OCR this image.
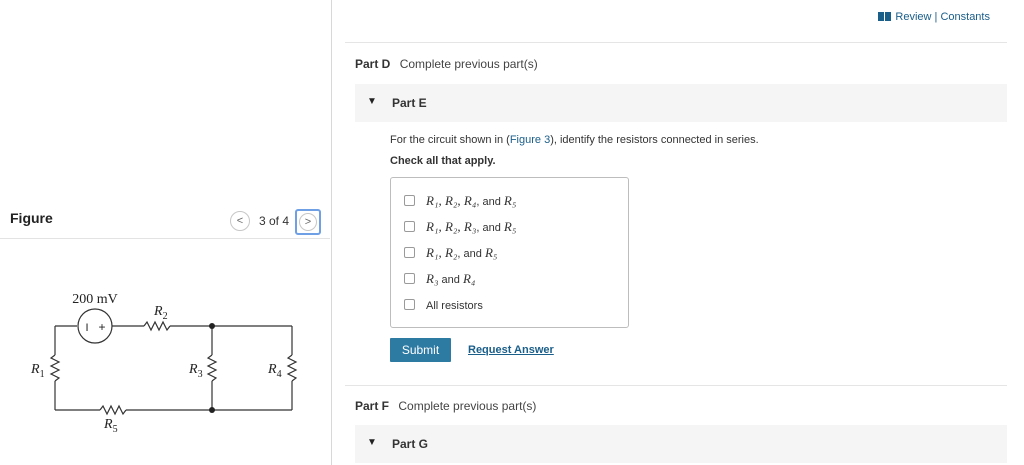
Figure	<	3 of 4	>
200 mV
I +
$R_2$
$R_1$	$R_3$	$R_4$
$R_5$
Review | Constants
Part D Complete previous part(s)
▼ Part E
For the circuit shown in (Figure 3), identify the resistors connected in series.
Check all that apply.
R₁, R₂, R₄, and R₅
R₁, R₂, R₃, and R₅
R₁, R₂, and R₅
R₃ and R₄
All resistors
Submit	Request Answer
Part F Complete previous part(s)
▼ Part G
